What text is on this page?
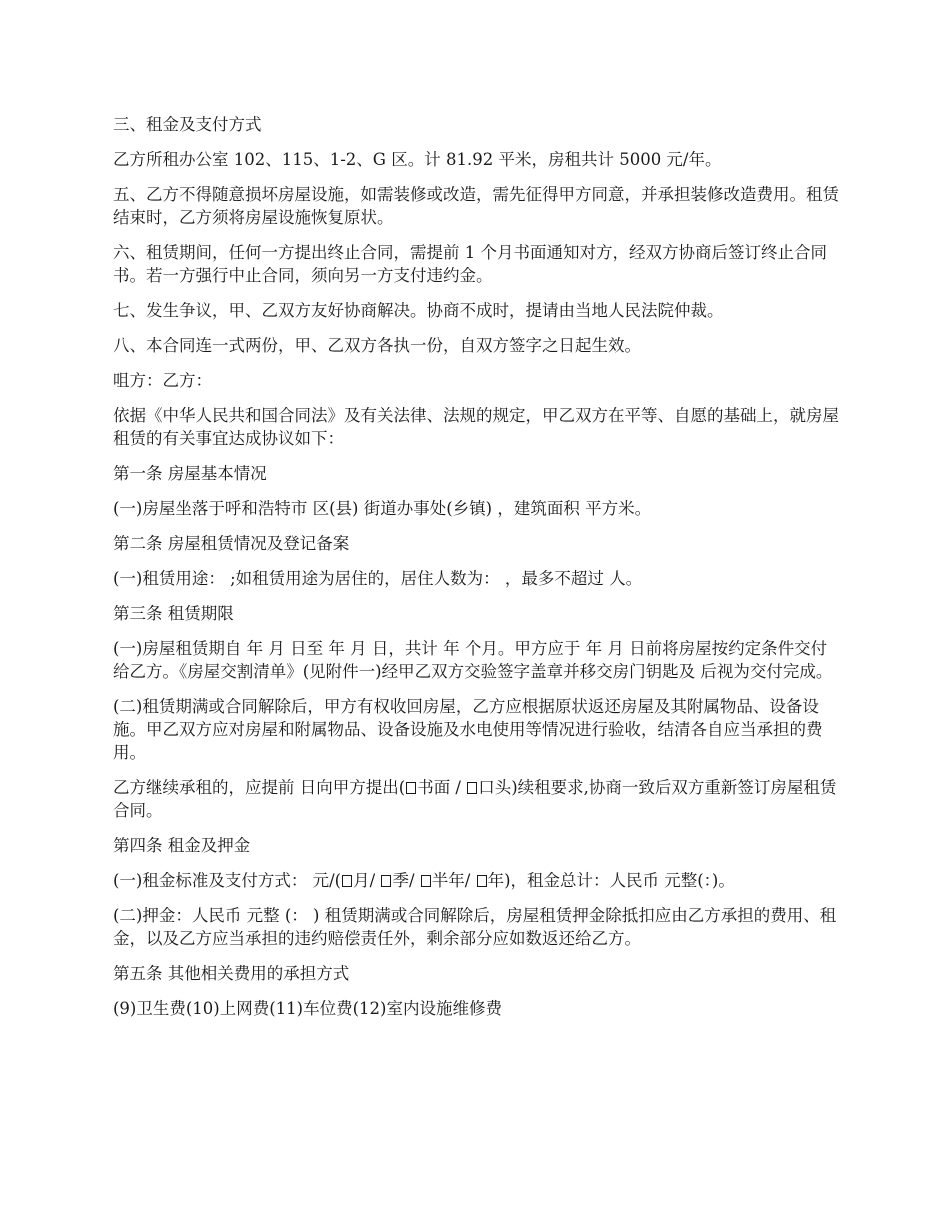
三、租金及支付方式

乙方所租办公室 102、115、1-2、G 区。计 81.92 平米，房租共计 5000 元/年。

五、乙方不得随意损坏房屋设施，如需装修或改造，需先征得甲方同意，并承担装修改造费用。租赁结束时，乙方须将房屋设施恢复原状。

六、租赁期间，任何一方提出终止合同，需提前 1 个月书面通知对方，经双方协商后签订终止合同书。若一方强行中止合同，须向另一方支付违约金。

七、发生争议，甲、乙双方友好协商解决。协商不成时，提请由当地人民法院仲裁。

八、本合同连一式两份，甲、乙双方各执一份，自双方签字之日起生效。

咀方：乙方：

依据《中华人民共和国合同法》及有关法律、法规的规定，甲乙双方在平等、自愿的基础上，就房屋租赁的有关事宜达成协议如下：

第一条 房屋基本情况

(一)房屋坐落于呼和浩特市 区(县) 街道办事处(乡镇) ，建筑面积 平方米。

第二条 房屋租赁情况及登记备案

(一)租赁用途： ;如租赁用途为居住的，居住人数为： ，最多不超过 人。

第三条 租赁期限

(一)房屋租赁期自 年 月 日至 年 月 日，共计 年 个月。甲方应于 年 月 日前将房屋按约定条件交付给乙方。《房屋交割清单》(见附件一)经甲乙双方交验签字盖章并移交房门钥匙及 后视为交付完成。

(二)租赁期满或合同解除后，甲方有权收回房屋，乙方应根据原状返还房屋及其附属物品、设备设施。甲乙双方应对房屋和附属物品、设备设施及水电使用等情况进行验收，结清各自应当承担的费用。

乙方继续承租的，应提前 日向甲方提出( 书面 / 口头)续租要求,协商一致后双方重新签订房屋租赁合同。

第四条 租金及押金

(一)租金标准及支付方式： 元/( 月/ 季/ 半年/ 年)，租金总计：人民币 元整(：)。

(二)押金：人民币 元整 (： ) 租赁期满或合同解除后，房屋租赁押金除抵扣应由乙方承担的费用、租金，以及乙方应当承担的违约赔偿责任外，剩余部分应如数返还给乙方。

第五条 其他相关费用的承担方式

(9)卫生费(10)上网费(11)车位费(12)室内设施维修费
